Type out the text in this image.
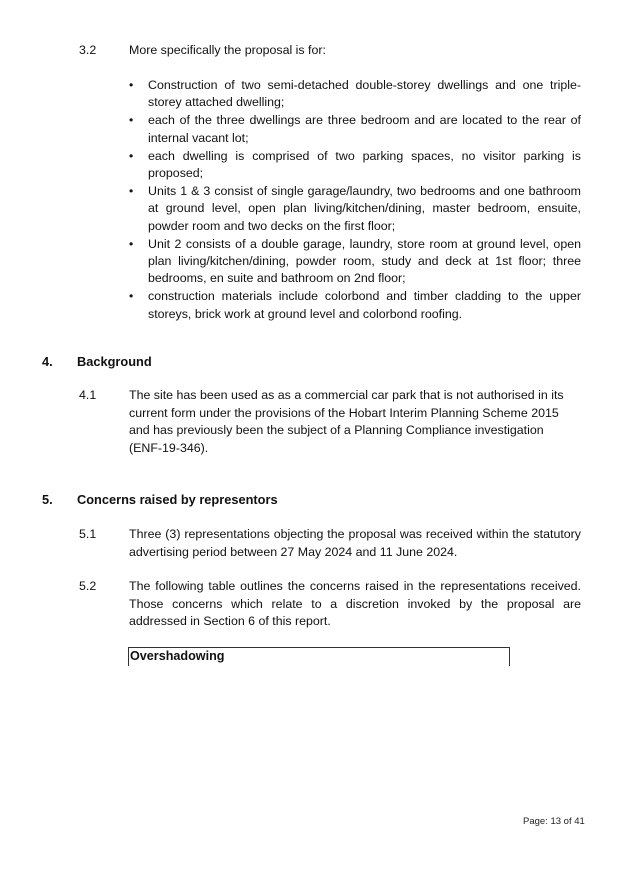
3.2	More specifically the proposal is for:
• Construction of two semi-detached double-storey dwellings and one triple-storey attached dwelling;
• each of the three dwellings are three bedroom and are located to the rear of internal vacant lot;
• each dwelling is comprised of two parking spaces, no visitor parking is proposed;
• Units 1 & 3 consist of single garage/laundry, two bedrooms and one bathroom at ground level, open plan living/kitchen/dining, master bedroom, ensuite, powder room and two decks on the first floor;
• Unit 2 consists of a double garage, laundry, store room at ground level, open plan living/kitchen/dining, powder room, study and deck at 1st floor; three bedrooms, en suite and bathroom on 2nd floor;
• construction materials include colorbond and timber cladding to the upper storeys, brick work at ground level and colorbond roofing.
4. Background
4.1	The site has been used as as a commercial car park that is not authorised in its current form under the provisions of the Hobart Interim Planning Scheme 2015 and has previously been the subject of a Planning Compliance investigation (ENF-19-346).
5. Concerns raised by representors
5.1	Three (3) representations objecting the proposal was received within the statutory advertising period between 27 May 2024 and 11 June 2024.
5.2	The following table outlines the concerns raised in the representations received. Those concerns which relate to a discretion invoked by the proposal are addressed in Section 6 of this report.
Overshadowing
Page: 13 of 41
